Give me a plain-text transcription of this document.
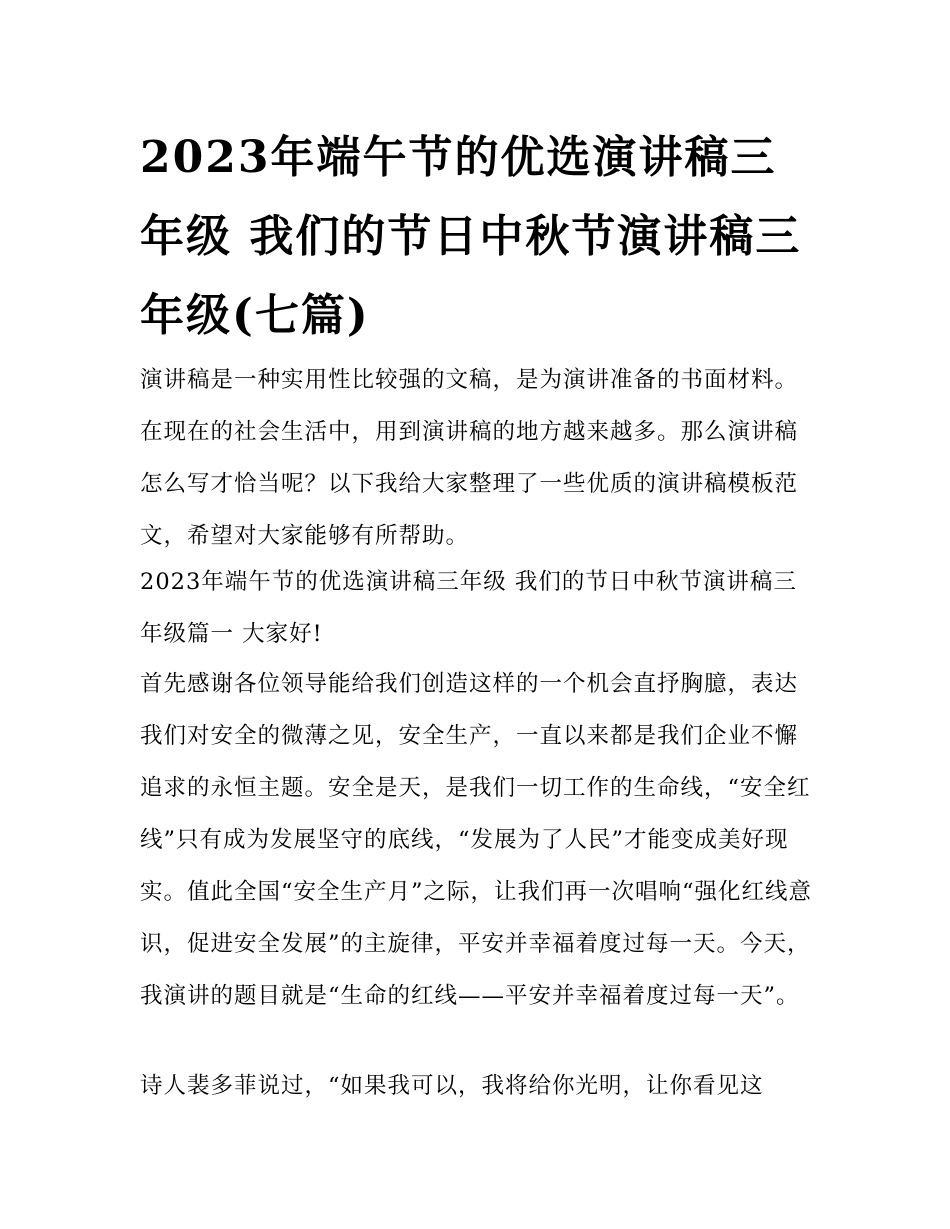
2023年端午节的优选演讲稿三年级 我们的节日中秋节演讲稿三年级(七篇)

演讲稿是一种实用性比较强的文稿，是为演讲准备的书面材料。在现在的社会生活中，用到演讲稿的地方越来越多。那么演讲稿怎么写才恰当呢？以下我给大家整理了一些优质的演讲稿模板范文，希望对大家能够有所帮助。

2023年端午节的优选演讲稿三年级 我们的节日中秋节演讲稿三年级篇一 大家好!

首先感谢各位领导能给我们创造这样的一个机会直抒胸臆，表达我们对安全的微薄之见，安全生产，一直以来都是我们企业不懈追求的永恒主题。安全是天，是我们一切工作的生命线，“安全红线”只有成为发展坚守的底线，“发展为了人民”才能变成美好现实。值此全国“安全生产月”之际，让我们再一次唱响“强化红线意识，促进安全发展”的主旋律，平安并幸福着度过每一天。今天，我演讲的题目就是“生命的红线——平安并幸福着度过每一天”。

诗人裴多菲说过，“如果我可以，我将给你光明，让你看见这
